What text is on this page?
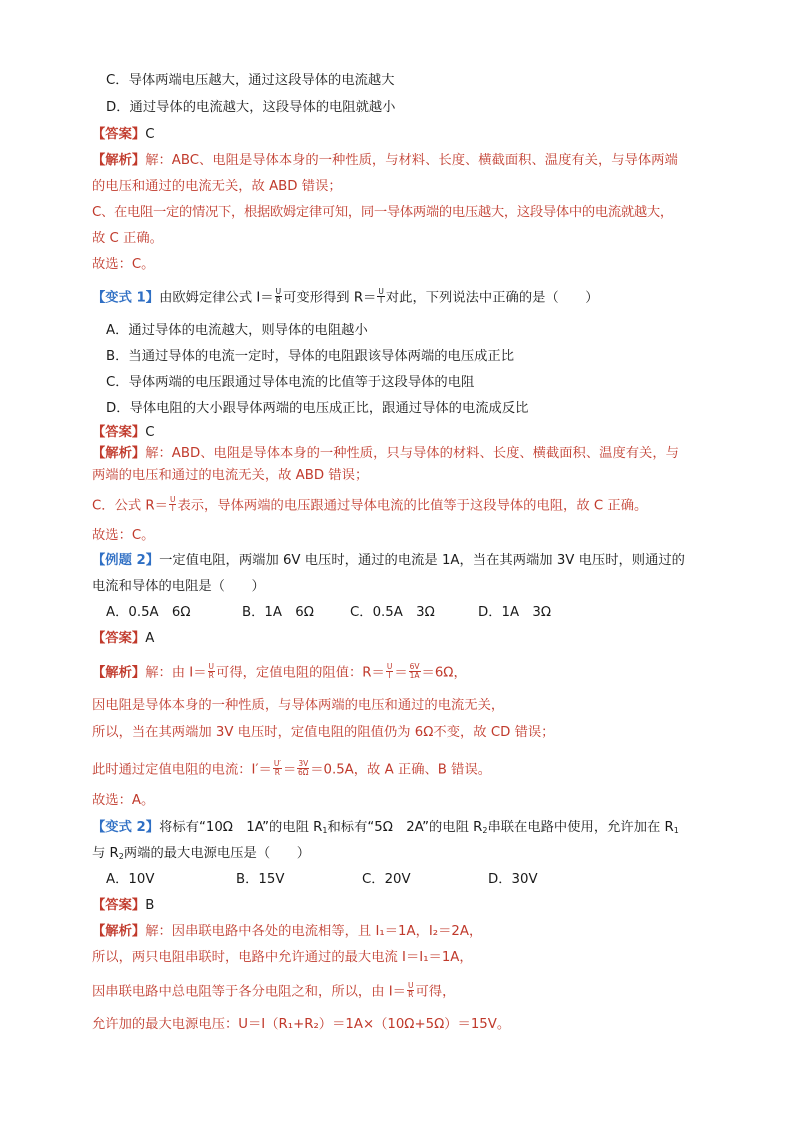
C．导体两端电压越大，通过这段导体的电流越大
D．通过导体的电流越大，这段导体的电阻就越小
【答案】C
【解析】解：ABC、电阻是导体本身的一种性质，与材料、长度、横截面积、温度有关，与导体两端
的电压和通过的电流无关，故 ABD 错误；
C、在电阻一定的情况下，根据欧姆定律可知，同一导体两端的电压越大，这段导体中的电流就越大，
故 C 正确。
故选：C。
【变式 1】由欧姆定律公式 $I= \frac{U}{R}$ 可变形得到 $R= \frac{U}{I}$ 对此，下列说法中正确的是（　　）
A．通过导体的电流越大，则导体的电阻越小
B．当通过导体的电流一定时，导体的电阻跟该导体两端的电压成正比
C．导体两端的电压跟通过导体电流的比值等于这段导体的电阻
D．导体电阻的大小跟导体两端的电压成正比，跟通过导体的电流成反比
【答案】C
【解析】解：ABD、电阻是导体本身的一种性质，只与导体的材料、长度、横截面积、温度有关，与
两端的电压和通过的电流无关，故 ABD 错误；
C．公式 $R= \frac{U}{I}$ 表示，导体两端的电压跟通过导体电流的比值等于这段导体的电阻，故 C 正确。
故选：C。
【例题 2】一定值电阻，两端加 6V 电压时，通过的电流是 1A，当在其两端加 3V 电压时，则通过的
电流和导体的电阻是（　　）
A．0.5A　6Ω	B．1A　6Ω	C．0.5A　3Ω	D．1A　3Ω
【答案】A
【解析】解：由 $I= \frac{U}{R}$ 可得，定值电阻的阻值：$R= \frac{U}{I} = \frac{6V}{1A} =6\Omega$，
因电阻是导体本身的一种性质，与导体两端的电压和通过的电流无关，
所以，当在其两端加 3V 电压时，定值电阻的阻值仍为 6Ω不变，故 CD 错误；
此时通过定值电阻的电流：$I'= \frac{U'}{R} = \frac{3V}{6\Omega} =0.5A$，故 A 正确、B 错误。
故选：A。
【变式 2】将标有“10Ω　1A”的电阻 $R_1$和标有“5Ω　2A”的电阻 $R_2$串联在电路中使用，允许加在 $R_1$
与 $R_2$两端的最大电源电压是（　　）
A．10V	B．15V	C．20V	D．30V
【答案】B
【解析】解：因串联电路中各处的电流相等，且 I₁＝1A，I₂＝2A，
所以，两只电阻串联时，电路中允许通过的最大电流 I＝I₁＝1A，
因串联电路中总电阻等于各分电阻之和，所以，由 $I= \frac{U}{R}$ 可得，
允许加的最大电源电压：U＝I（R₁+R₂）＝1A×（10Ω+5Ω）＝15V。
